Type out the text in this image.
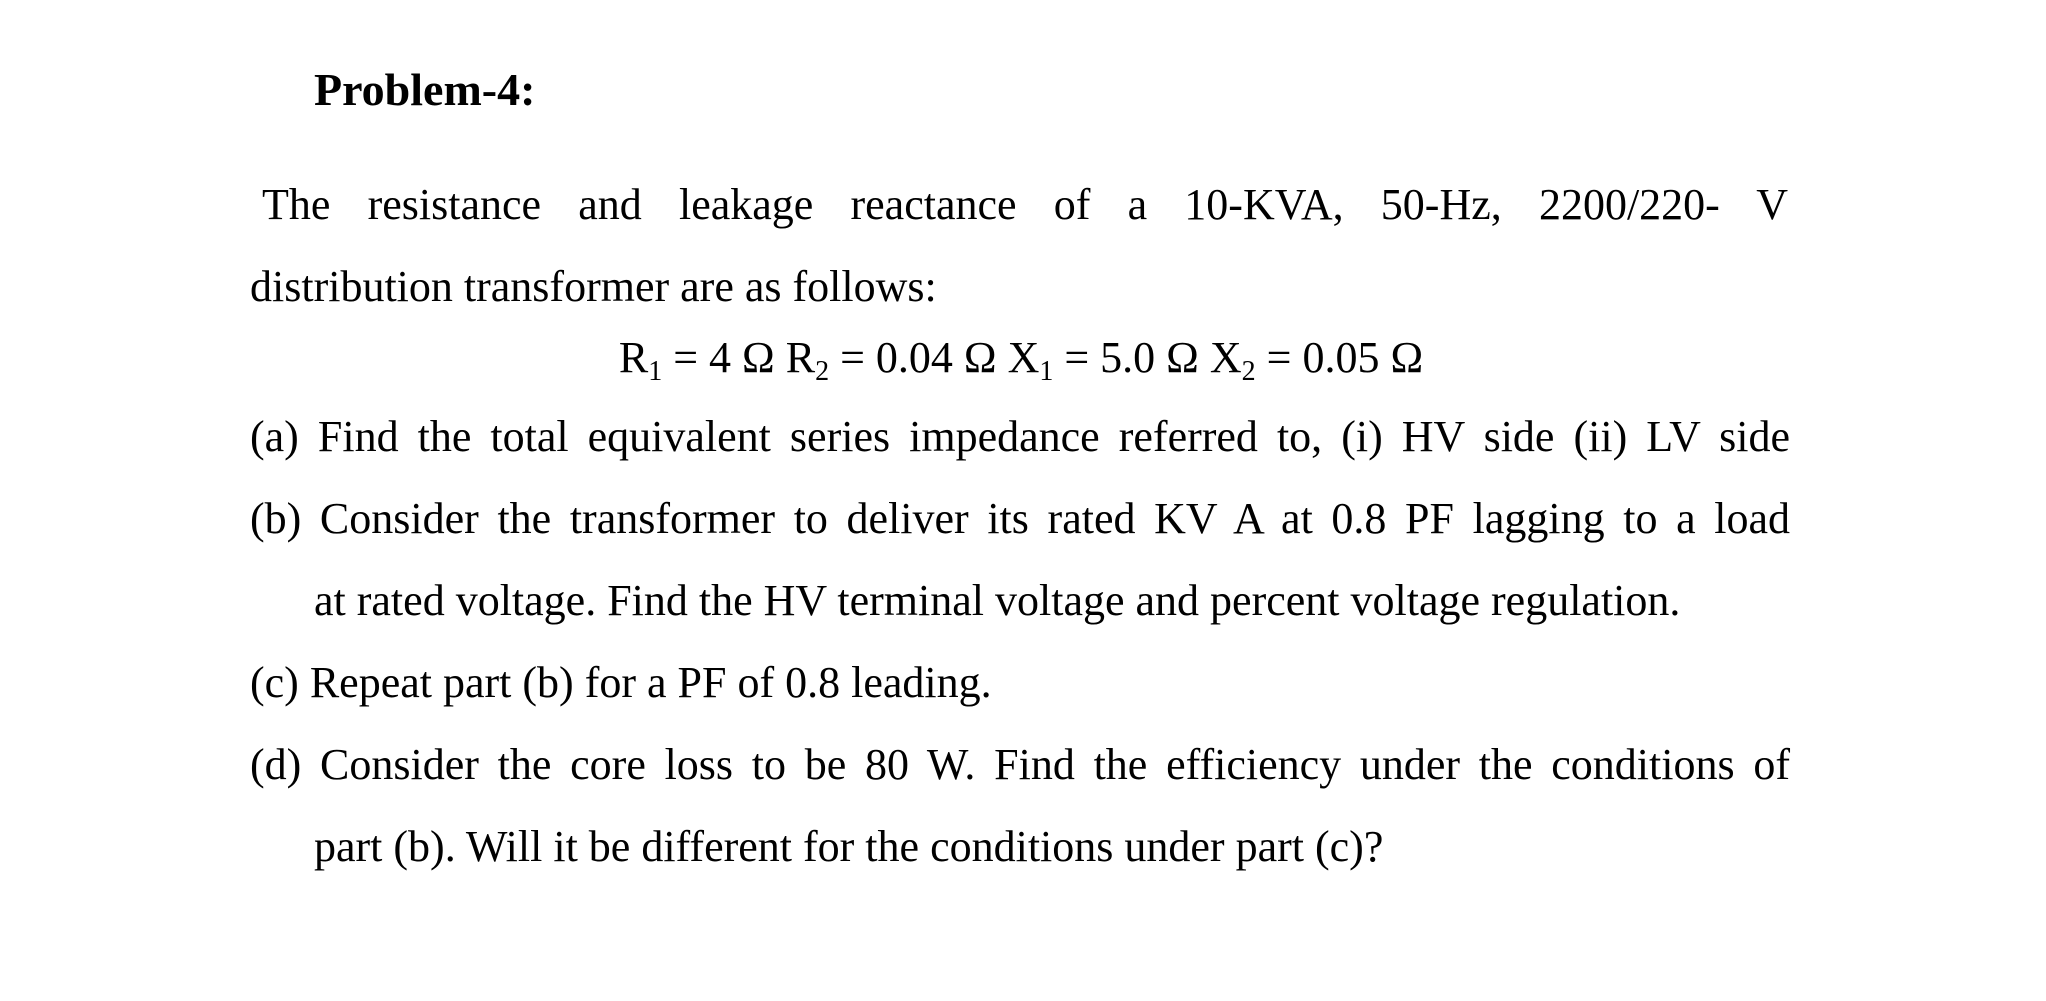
Problem-4:

The resistance and leakage reactance of a 10-KVA, 50-Hz, 2200/220- V
distribution transformer are as follows:

$R_1 = 4$ Ω $R_2 = 0.04$ Ω $X_1 = 5.0$ Ω $X_2 = 0.05$ Ω
(a) Find the total equivalent series impedance referred to, (i) HV side (ii) LV side
(b) Consider the transformer to deliver its rated KV A at 0.8 PF lagging to a load
at rated voltage. Find the HV terminal voltage and percent voltage regulation.
(c) Repeat part (b) for a PF of 0.8 leading.
(d) Consider the core loss to be 80 W. Find the efficiency under the conditions of
part (b). Will it be different for the conditions under part (c)?
